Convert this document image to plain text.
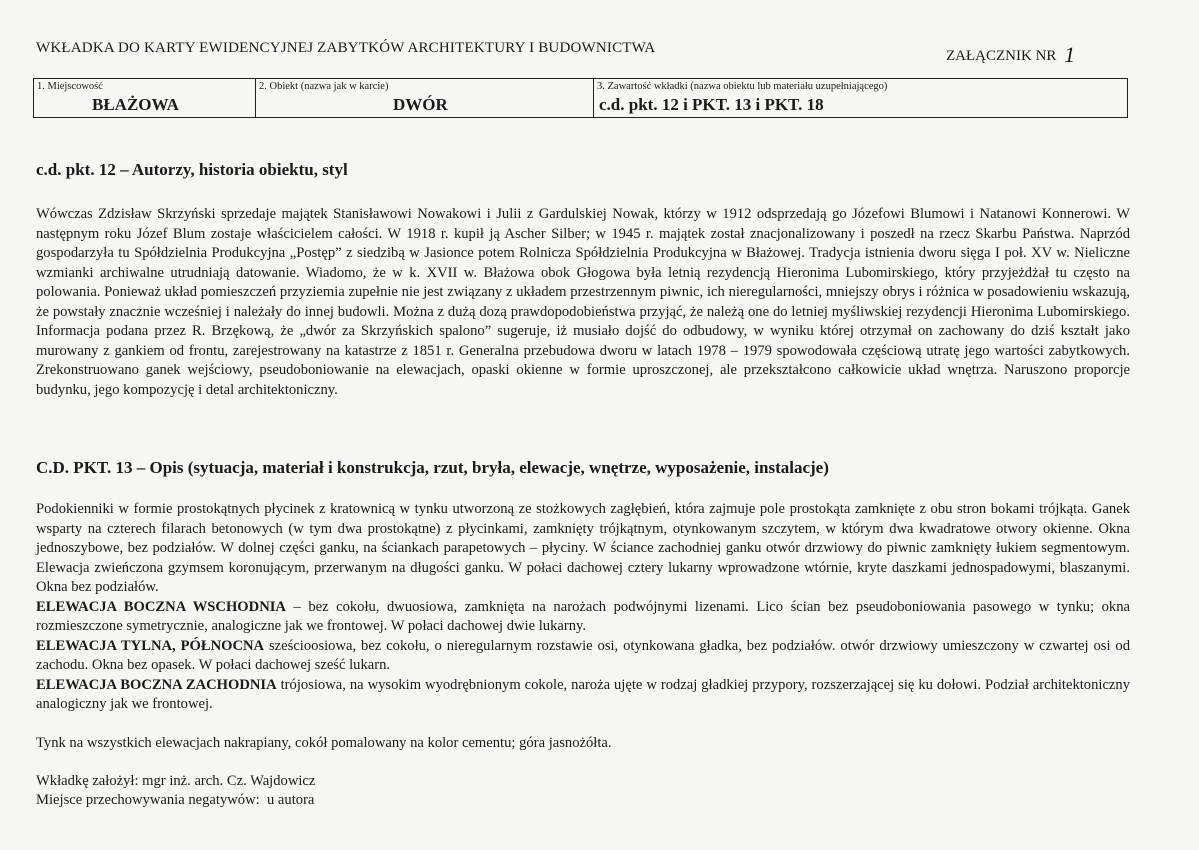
WKŁADKA DO KARTY EWIDENCYJNEJ ZABYTKÓW ARCHITEKTURY I BUDOWNICTWA	ZAŁĄCZNIK NR 1
1. Miejscowość
BŁAŻOWA
2. Obiekt (nazwa jak w karcie)
DWÓR
3. Zawartość wkładki (nazwa obiektu lub materiału uzupełniającego)
c.d. pkt. 12 i PKT. 13 i PKT. 18
c.d. pkt. 12 – Autorzy, historia obiektu, styl

Wówczas Zdzisław Skrzyński sprzedaje majątek Stanisławowi Nowakowi i Julii z Gardulskiej Nowak, którzy w 1912 odsprzedają go Józefowi Blumowi i Natanowi Konnerowi. W następnym roku Józef Blum zostaje właścicielem całości. W 1918 r. kupił ją Ascher Silber; w 1945 r. majątek został znacjonalizowany i poszedł na rzecz Skarbu Państwa. Naprzód gospodarzyła tu Spółdzielnia Produkcyjna „Postęp” z siedzibą w Jasionce potem Rolnicza Spółdzielnia Produkcyjna w Błażowej. Tradycja istnienia dworu sięga I poł. XV w. Nieliczne wzmianki archiwalne utrudniają datowanie. Wiadomo, że w k. XVII w. Błażowa obok Głogowa była letnią rezydencją Hieronima Lubomirskiego, który przyjeżdżał tu często na polowania. Ponieważ układ pomieszczeń przyziemia zupełnie nie jest związany z układem przestrzennym piwnic, ich nieregularności, mniejszy obrys i różnica w posadowieniu wskazują, że powstały znacznie wcześniej i należały do innej budowli. Można z dużą dozą prawdopodobieństwa przyjąć, że należą one do letniej myśliwskiej rezydencji Hieronima Lubomirskiego. Informacja podana przez R. Brzękową, że „dwór za Skrzyńskich spalono” sugeruje, iż musiało dojść do odbudowy, w wyniku której otrzymał on zachowany do dziś kształt jako murowany z gankiem od frontu, zarejestrowany na katastrze z 1851 r. Generalna przebudowa dworu w latach 1978 – 1979 spowodowała częściową utratę jego wartości zabytkowych. Zrekonstruowano ganek wejściowy, pseudoboniowanie na elewacjach, opaski okienne w formie uproszczonej, ale przekształcono całkowicie układ wnętrza. Naruszono proporcje budynku, jego kompozycję i detal architektoniczny.

C.D. PKT. 13 – Opis (sytuacja, materiał i konstrukcja, rzut, bryła, elewacje, wnętrze, wyposażenie, instalacje)

Podokienniki w formie prostokątnych płycinek z kratownicą w tynku utworzoną ze stożkowych zagłębień, która zajmuje pole prostokąta zamknięte z obu stron bokami trójkąta. Ganek wsparty na czterech filarach betonowych (w tym dwa prostokątne) z płycinkami, zamknięty trójkątnym, otynkowanym szczytem, w którym dwa kwadratowe otwory okienne. Okna jednoszybowe, bez podziałów. W dolnej części ganku, na ściankach parapetowych – płyciny. W ściance zachodniej ganku otwór drzwiowy do piwnic zamknięty łukiem segmentowym. Elewacja zwieńczona gzymsem koronującym, przerwanym na długości ganku. W połaci dachowej cztery lukarny wprowadzone wtórnie, kryte daszkami jednospadowymi, blaszanymi. Okna bez podziałów.
ELEWACJA BOCZNA WSCHODNIA – bez cokołu, dwuosiowa, zamknięta na narożach podwójnymi lizenami. Lico ścian bez pseudoboniowania pasowego w tynku; okna rozmieszczone symetrycznie, analogiczne jak we frontowej. W połaci dachowej dwie lukarny.
ELEWACJA TYLNA, PÓŁNOCNA sześcioosiowa, bez cokołu, o nieregularnym rozstawie osi, otynkowana gładka, bez podziałów. otwór drzwiowy umieszczony w czwartej osi od zachodu. Okna bez opasek. W połaci dachowej sześć lukarn.
ELEWACJA BOCZNA ZACHODNIA trójosiowa, na wysokim wyodrębnionym cokole, naroża ujęte w rodzaj gładkiej przypory, rozszerzającej się ku dołowi. Podział architektoniczny analogiczny jak we frontowej.

Tynk na wszystkich elewacjach nakrapiany, cokół pomalowany na kolor cementu; góra jasnożółta.
Wkładkę założył: mgr inż. arch. Cz. Wajdowicz
Miejsce przechowywania negatywów:  u autora
